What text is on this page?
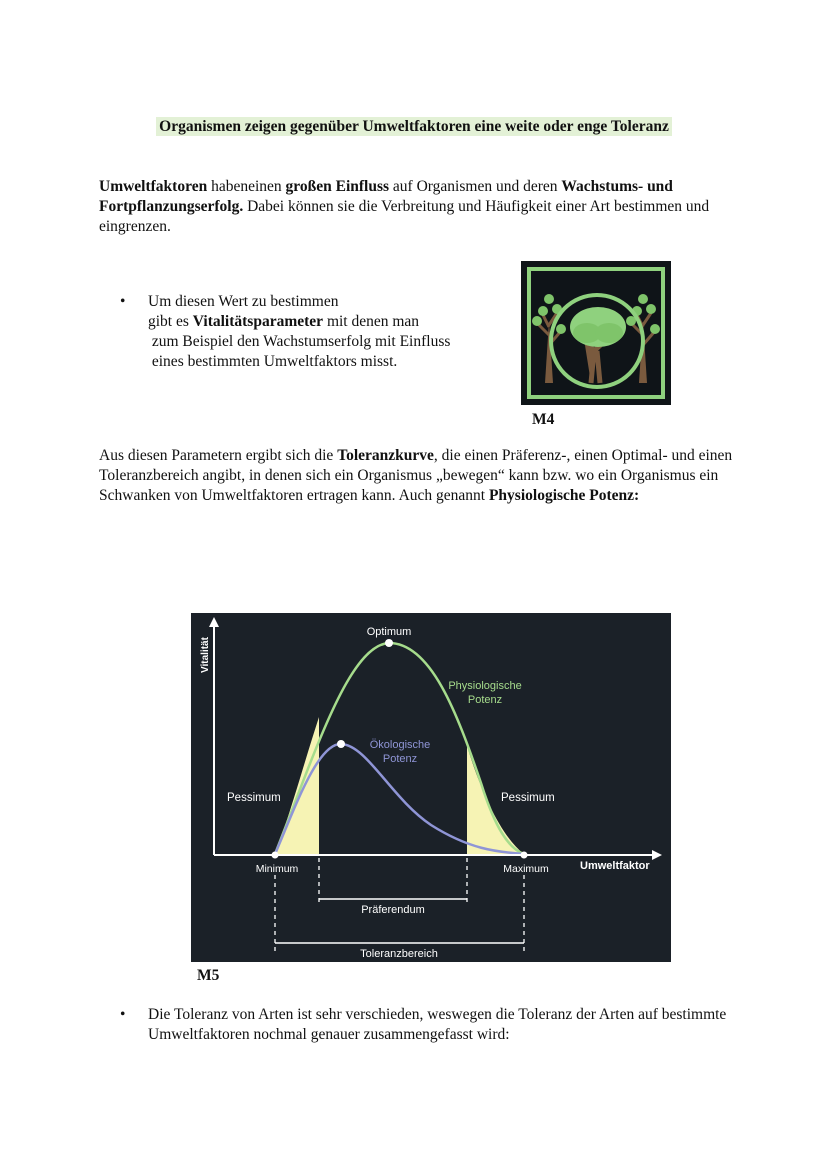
Organismen zeigen gegenüber Umweltfaktoren eine weite oder enge Toleranz
Umweltfaktoren habeneinen großen Einfluss auf Organismen und deren Wachstums- und Fortpflanzungserfolg. Dabei können sie die Verbreitung und Häufigkeit einer Art bestimmen und eingrenzen.
• Um diesen Wert zu bestimmen
gibt es Vitalitätsparameter mit denen man
zum Beispiel den Wachstumserfolg mit Einfluss
eines bestimmten Umweltfaktors misst.
M4
Aus diesen Parametern ergibt sich die Toleranzkurve, die einen Präferenz-, einen Optimal- und einen Toleranzbereich angibt, in denen sich ein Organismus „bewegen“ kann bzw. wo ein Organismus ein Schwanken von Umweltfaktoren ertragen kann. Auch genannt Physiologische Potenz:
Vitalität
Umweltfaktor
Optimum
Physiologische
Potenz
Ökologische
Potenz
Pessimum	Pessimum
Minimum	Maximum
Präferendum
Toleranzbereich
M5
• Die Toleranz von Arten ist sehr verschieden, weswegen die Toleranz der Arten auf bestimmte Umweltfaktoren nochmal genauer zusammengefasst wird:
